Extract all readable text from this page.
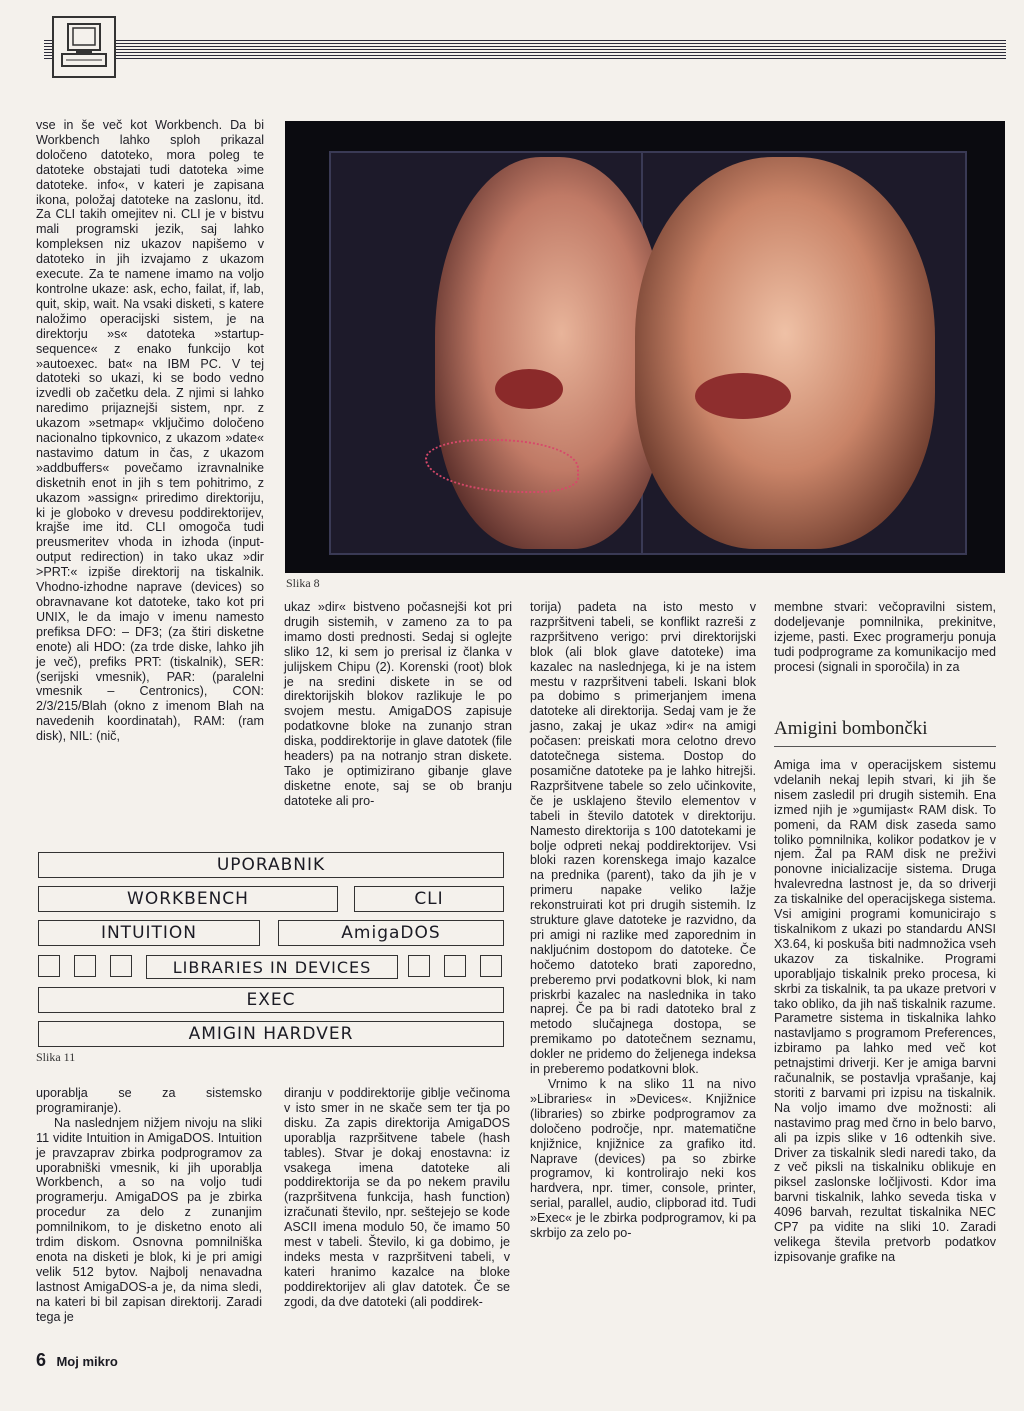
vse in še več kot Workbench. Da bi Workbench lahko sploh prikazal določeno datoteko, mora poleg te datoteke obstajati tudi datoteka »ime datoteke. info«, v kateri je zapisana ikona, položaj datoteke na zaslonu, itd. Za CLI takih omejitev ni. CLI je v bistvu mali programski jezik, saj lahko kompleksen niz ukazov napišemo v datoteko in jih izvajamo z ukazom execute. Za te namene imamo na voljo kontrolne ukaze: ask, echo, failat, if, lab, quit, skip, wait. Na vsaki disketi, s katere naložimo operacijski sistem, je na direktorju »s« datoteka »startup-sequence« z enako funkcijo kot »autoexec. bat« na IBM PC. V tej datoteki so ukazi, ki se bodo vedno izvedli ob začetku dela. Z njimi si lahko naredimo prijaznejši sistem, npr. z ukazom »setmap« vključimo določeno nacionalno tipkovnico, z ukazom »date« nastavimo datum in čas, z ukazom »addbuffers« povečamo izravnalnike disketnih enot in jih s tem pohitrimo, z ukazom »assign« priredimo direktoriju, ki je globoko v drevesu poddirektorijev, krajše ime itd. CLI omogoča tudi preusmeritev vhoda in izhoda (input-output redirection) in tako ukaz »dir >PRT:« izpiše direktorij na tiskalnik. Vhodno-izhodne naprave (devices) so obravnavane kot datoteke, tako kot pri UNIX, le da imajo v imenu namesto prefiksa DFO: – DF3; (za štiri disketne enote) ali HDO: (za trde diske, lahko jih je več), prefiks PRT: (tiskalnik), SER: (serijski vmesnik), PAR: (paralelni vmesnik – Centronics), CON: 2/3/215/Blah (okno z imenom Blah na navedenih koordinatah), RAM: (ram disk), NIL: (nič,

Slika 8

ukaz »dir« bistveno počasnejši kot pri drugih sistemih, v zameno za to pa imamo dosti prednosti. Sedaj si oglejte sliko 12, ki sem jo prerisal iz članka v julijskem Chipu (2). Korenski (root) blok je na sredini diskete in se od direktorijskih blokov razlikuje le po svojem mestu. AmigaDOS zapisuje podatkovne bloke na zunanjo stran diska, poddirektorije in glave datotek (file headers) pa na notranjo stran diskete. Tako je optimizirano gibanje glave disketne enote, saj se ob branju datoteke ali pro-

torija) padeta na isto mesto v razpršitveni tabeli, se konflikt razreši z razpršitveno verigo: prvi direktorijski blok (ali blok glave datoteke) ima kazalec na naslednjega, ki je na istem mestu v razpršitveni tabeli. Iskani blok pa dobimo s primerjanjem imena datoteke ali direktorija. Sedaj vam je že jasno, zakaj je ukaz »dir« na amigi počasen: preiskati mora celotno drevo datotečnega sistema. Dostop do posamične datoteke pa je lahko hitrejši. Razpršitvene tabele so zelo učinkovite, če je usklajeno število elementov v tabeli in število datotek v direktoriju. Namesto direktorija s 100 datotekami je bolje odpreti nekaj poddirektorijev. Vsi bloki razen korenskega imajo kazalce na prednika (parent), tako da jih je v primeru napake veliko lažje rekonstruirati kot pri drugih sistemih. Iz strukture glave datoteke je razvidno, da pri amigi ni razlike med zaporednim in nakljućnim dostopom do datoteke. Če hočemo datoteko brati zaporedno, preberemo prvi podatkovni blok, ki nam priskrbi kazalec na naslednika in tako naprej. Če pa bi radi datoteko bral z metodo slučajnega dostopa, se premikamo po datotečnem seznamu, dokler ne pridemo do željenega indeksa in preberemo podatkovni blok.

Vrnimo k na sliko 11 na nivo »Libraries« in »Devices«. Knjižnice (libraries) so zbirke podprogramov za določeno področje, npr. matematične knjižnice, knjižnice za grafiko itd. Naprave (devices) pa so zbirke programov, ki kontrolirajo neki kos hardvera, npr. timer, console, printer, serial, parallel, audio, clipborad itd. Tudi »Exec« je le zbirka podprogramov, ki pa skrbijo za zelo po-

membne stvari: večopravilni sistem, dodeljevanje pomnilnika, prekinitve, izjeme, pasti. Exec programerju ponuja tudi podprograme za komunikacijo med procesi (signali in sporočila) in za

Amigini bombončki

Amiga ima v operacijskem sistemu vdelanih nekaj lepih stvari, ki jih še nisem zasledil pri drugih sistemih. Ena izmed njih je »gumijast« RAM disk. To pomeni, da RAM disk zaseda samo toliko pomnilnika, kolikor podatkov je v njem. Žal pa RAM disk ne preživi ponovne inicializacije sistema. Druga hvalevredna lastnost je, da so driverji za tiskalnike del operacijskega sistema. Vsi amigini programi komunicirajo s tiskalnikom z ukazi po standardu ANSI X3.64, ki poskuša biti nadmnožica vseh ukazov za tiskalnike. Programi uporabljajo tiskalnik preko procesa, ki skrbi za tiskalnik, ta pa ukaze pretvori v tako obliko, da jih naš tiskalnik razume. Parametre sistema in tiskalnika lahko nastavljamo s programom Preferences, izbiramo pa lahko med več kot petnajstimi driverji. Ker je amiga barvni računalnik, se postavlja vprašanje, kaj storiti z barvami pri izpisu na tiskalnik. Na voljo imamo dve možnosti: ali nastavimo prag med črno in belo barvo, ali pa izpis slike v 16 odtenkih sive. Driver za tiskalnik sledi naredi tako, da z več piksli na tiskalniku oblikuje en piksel zaslonske ločljivosti. Kdor ima barvni tiskalnik, lahko seveda tiska v 4096 barvah, rezultat tiskalnika NEC CP7 pa vidite na sliki 10. Zaradi velikega števila pretvorb podatkov izpisovanje grafike na

UPORABNIK
WORKBENCH	CLI
INTUITION	AmigaDOS
LIBRARIES IN DEVICES
EXEC
AMIGIN HARDVER
Slika 11

uporablja se za sistemsko programiranje).

Na naslednjem nižjem nivoju na sliki 11 vidite Intuition in AmigaDOS. Intuition je pravzaprav zbirka podprogramov za uporabniški vmesnik, ki jih uporablja Workbench, a so na voljo tudi programerju. AmigaDOS pa je zbirka procedur za delo z zunanjim pomnilnikom, to je disketno enoto ali trdim diskom. Osnovna pomnilniška enota na disketi je blok, ki je pri amigi velik 512 bytov. Najbolj nenavadna lastnost AmigaDOS-a je, da nima sledi, na kateri bi bil zapisan direktorij. Zaradi tega je

diranju v poddirektorije giblje večinoma v isto smer in ne skače sem ter tja po disku. Za zapis direktorija AmigaDOS uporablja razpršitvene tabele (hash tables). Stvar je dokaj enostavna: iz vsakega imena datoteke ali poddirektorija se da po nekem pravilu (razpršitvena funkcija, hash function) izračunati število, npr. seštejejo se kode ASCII imena modulo 50, če imamo 50 mest v tabeli. Število, ki ga dobimo, je indeks mesta v razpršitveni tabeli, v kateri hranimo kazalce na bloke poddirektorijev ali glav datotek. Če se zgodi, da dve datoteki (ali poddirek-

6 Moj mikro
